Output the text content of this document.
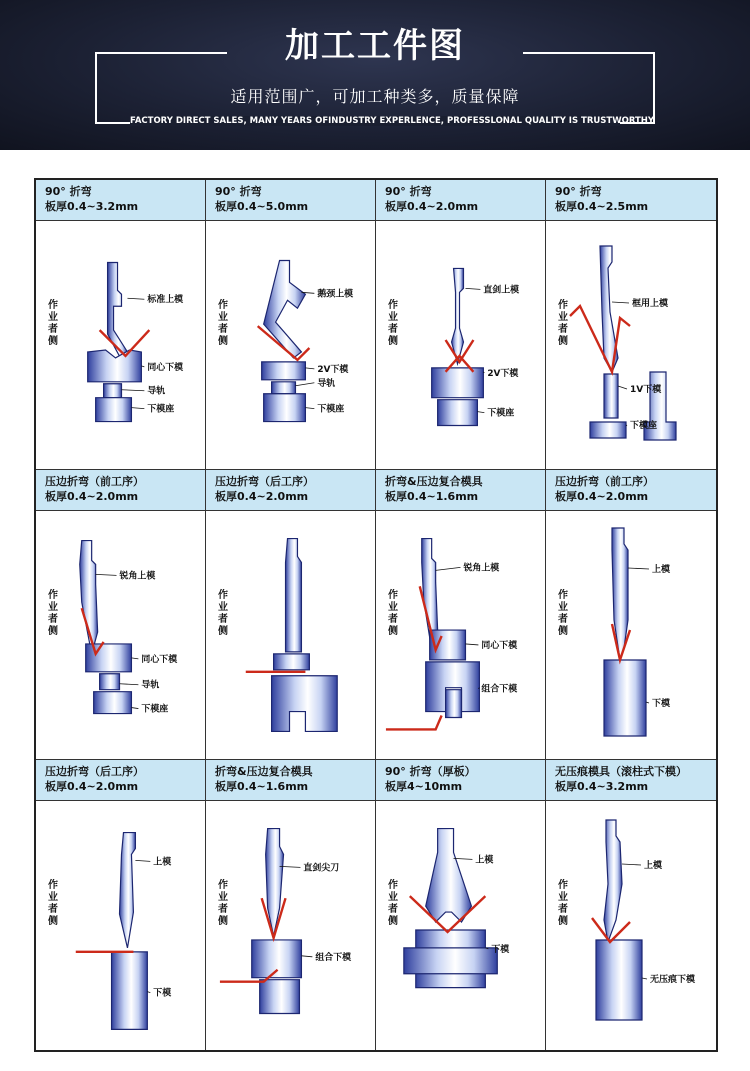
加工工件图
适用范围广，可加工种类多，质量保障
FACTORY DIRECT SALES, MANY YEARS OFINDUSTRY EXPERLENCE, PROFESSLONAL QUALITY IS TRUSTWORTHY
90° 折弯
板厚0.4~3.2mm
作业者侧
标准上模
同心下模
导轨
下模座
90° 折弯
板厚0.4~5.0mm
作业者侧
鹅颈上模
2V下模
导轨
下模座
90° 折弯
板厚0.4~2.0mm
作业者侧
直剑上模
2V下模
下模座
90° 折弯
板厚0.4~2.5mm
作业者侧
框用上模
1V下模
下模座
压边折弯（前工序）
板厚0.4~2.0mm
作业者侧
锐角上模
同心下模
导轨
下模座
压边折弯（后工序）
板厚0.4~2.0mm
作业者侧
折弯&压边复合模具
板厚0.4~1.6mm
作业者侧
锐角上模
同心下模
组合下模
压边折弯（前工序）
板厚0.4~2.0mm
作业者侧
上模
下模
压边折弯（后工序）
板厚0.4~2.0mm
作业者侧
上模
下模
折弯&压边复合模具
板厚0.4~1.6mm
作业者侧
直剑尖刀
组合下模
90° 折弯（厚板）
板厚4~10mm
作业者侧
上模
下模
无压痕模具（滚柱式下模）
板厚0.4~3.2mm
作业者侧
上模
无压痕下模
